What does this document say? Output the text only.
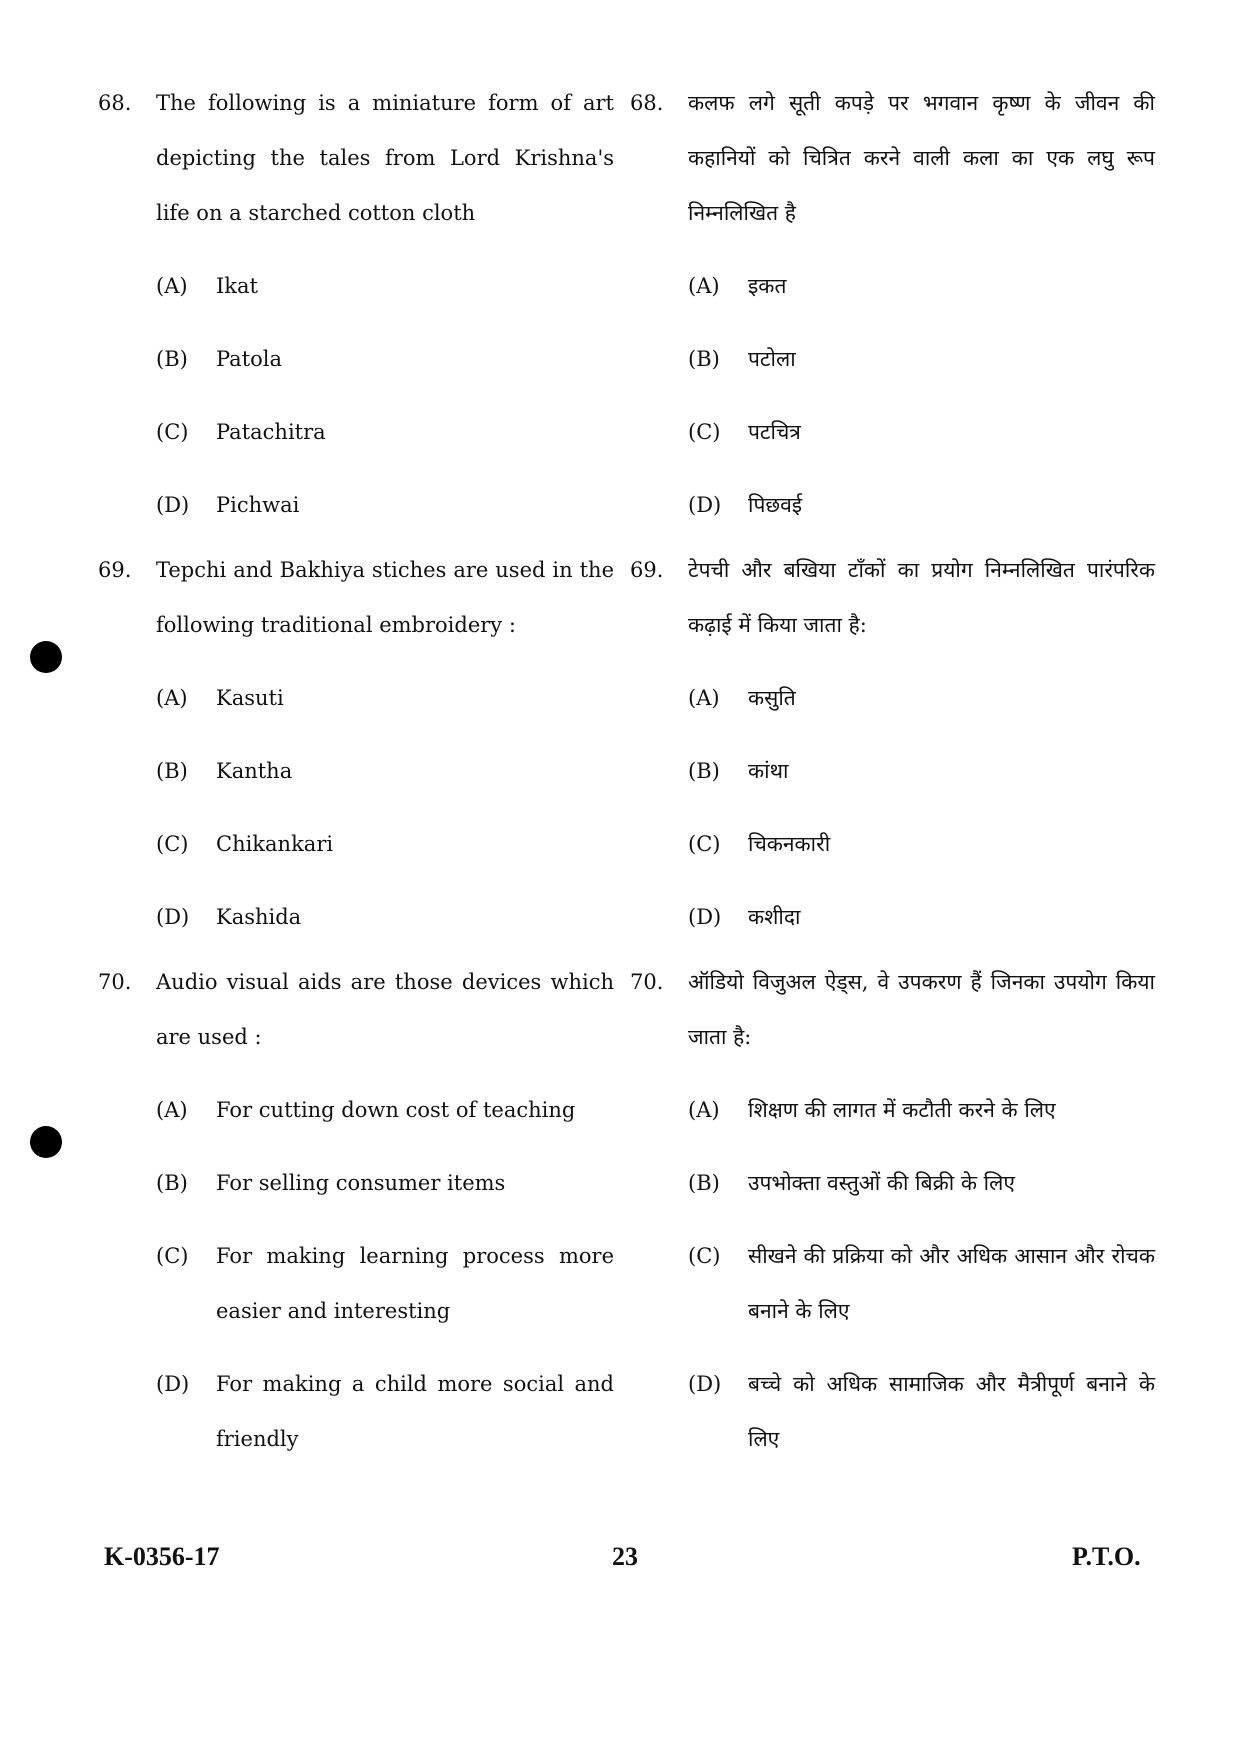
68.	The following is a miniature form of art depicting the tales from Lord Krishna's life on a starched cotton cloth
(A)	Ikat
(B)	Patola
(C)	Patachitra
(D)	Pichwai
69.	Tepchi and Bakhiya stiches are used in the following traditional embroidery :
(A)	Kasuti
(B)	Kantha
(C)	Chikankari
(D)	Kashida
70.	Audio visual aids are those devices which are used :
(A)	For cutting down cost of teaching
(B)	For selling consumer items
(C)	For making learning process more easier and interesting
(D)	For making a child more social and friendly
68.	कलफ लगे सूती कपड़े पर भगवान कृष्ण के जीवन की कहानियों को चित्रित करने वाली कला का एक लघु रूप निम्नलिखित है
(A)	इकत
(B)	पटोला
(C)	पटचित्र
(D)	पिछवई
69.	टेपची और बखिया टाँकों का प्रयोग निम्नलिखित पारंपरिक कढ़ाई में किया जाता है:
(A)	कसुति
(B)	कांथा
(C)	चिकनकारी
(D)	कशीदा
70.	ऑडियो विजुअल ऐड्स, वे उपकरण हैं जिनका उपयोग किया जाता है:
(A)	शिक्षण की लागत में कटौती करने के लिए
(B)	उपभोक्ता वस्तुओं की बिक्री के लिए
(C)	सीखने की प्रक्रिया को और अधिक आसान और रोचक बनाने के लिए
(D)	बच्चे को अधिक सामाजिक और मैत्रीपूर्ण बनाने के लिए
K-0356-17	23	P.T.O.
